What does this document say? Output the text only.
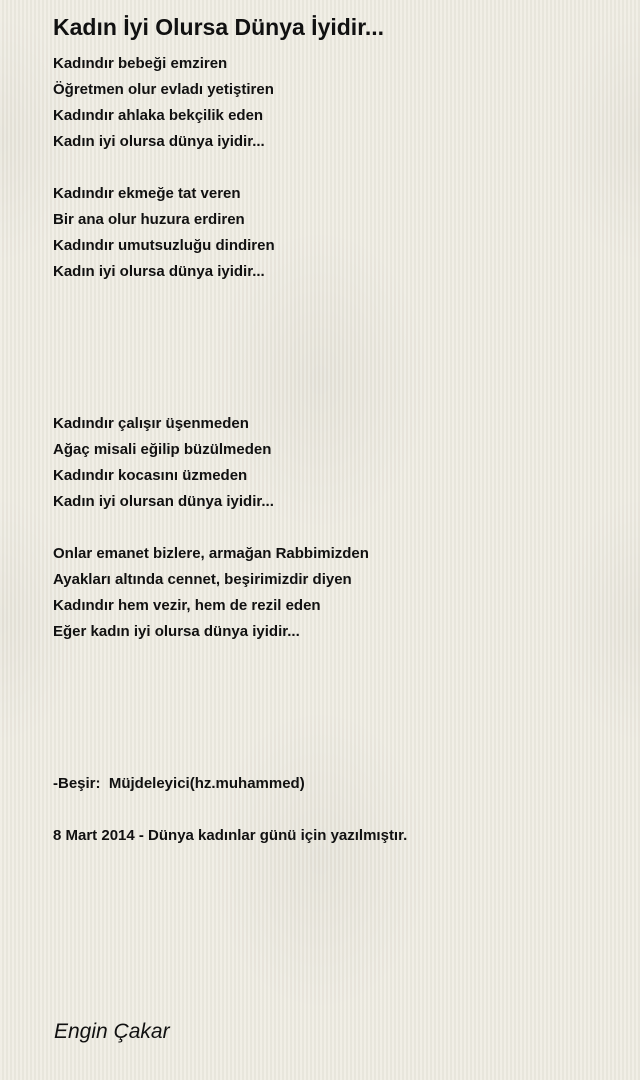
Kadın İyi Olursa Dünya İyidir...
Kadındır bebeği emziren
Öğretmen olur evladı yetiştiren
Kadındır ahlaka bekçilik eden
Kadın iyi olursa dünya iyidir...
Kadındır ekmeğe tat veren
Bir ana olur huzura erdiren
Kadındır umutsuzluğu dindiren
Kadın iyi olursa dünya iyidir...
Kadındır çalışır üşenmeden
Ağaç misali eğilip büzülmeden
Kadındır kocasını üzmeden
Kadın iyi olursan dünya iyidir...
Onlar emanet bizlere, armağan Rabbimizden
Ayakları altında cennet, beşirimizdir diyen
Kadındır hem vezir, hem de rezil eden
Eğer kadın iyi olursa dünya iyidir...
-Beşir:  Müjdeleyici(hz.muhammed)
8 Mart 2014 - Dünya kadınlar günü için yazılmıştır.
Engin Çakar
